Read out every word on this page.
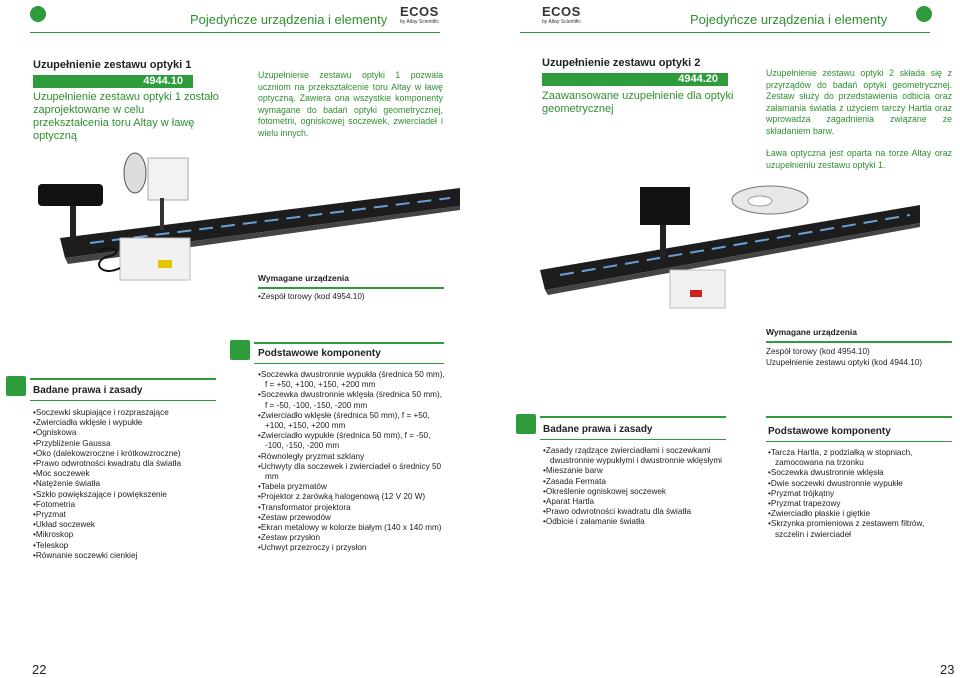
Pojedyńcze urządzenia i elementy
ECOS
by Altay Scientific
ECOS
by Altay Scientific	Pojedyńcze urządzenia i elementy
Uzupełnienie zestawu optyki 1
4944.10
Uzupełnienie zestawu optyki 1 zostało zaprojektowane w celu przekształcenia toru Altay w ławę optyczną
Uzupełnienie zestawu optyki 1 pozwala uczniom na przekształcenie toru Altay w ławę optyczną. Zawiera ona wszystkie komponenty wymagane do badań optyki geometrycznej, fotometrii, ogniskowej soczewek, zwierciadeł i wielu innych.
Uzupełnienie zestawu optyki 2
4944.20
Zaawansowane uzupełnienie dla optyki geometrycznej
Uzupełnienie zestawu optyki 2 składa się z przyrządów do badań optyki geometrycznej. Zestaw służy do przedstawienia odbicia oraz załamania światła z użyciem tarczy Hartla oraz wprowadza zagadnienia związane ze składaniem barw.
Ława optyczna jest oparta na torze Altay oraz uzupełnieniu zestawu optyki 1.
Wymagane urządzenia
• Zespół torowy (kod 4954.10)
Wymagane urządzenia
Zespół torowy (kod 4954.10)
Uzupełnienie zestawu optyki (kod 4944.10)
Badane prawa i zasady
• Soczewki skupiające i rozpraszające
• Zwierciadła wklęsłe i wypukłe
• Ogniskowa
• Przybliżenie Gaussa
• Oko (dalekowzroczne i krótkowzroczne)
• Prawo odwrotności kwadratu dla światła
• Moc soczewek
• Natężenie światła
• Szkło powiększające i powiększenie
• Fotometria
• Pryzmat
• Układ soczewek
• Mikroskop
• Teleskop
• Równanie soczewki cienkiej
Podstawowe komponenty
• Soczewka dwustronnie wypukła (średnica 50 mm), f = +50, +100, +150, +200 mm
• Soczewka dwustronnie wklęsła (średnica 50 mm), f = -50, -100, -150, -200 mm
• Zwierciadło wklęsłe (średnica 50 mm), f = +50, +100, +150, +200 mm
• Zwierciadło wypukłe (średnica 50 mm), f = -50, -100, -150, -200 mm
• Równoległy pryzmat szklany
• Uchwyty dla soczewek i zwierciadeł o średnicy 50 mm
• Tabela pryzmatów
• Projektor z żarówką halogenową (12 V 20 W)
• Transformator projektora
• Zestaw przewodów
• Ekran metalowy w kolorze białym (140 x 140 mm)
• Zestaw przysłon
• Uchwyt przezroczy i przysłon
Badane prawa i zasady
• Zasady rządzące zwierciadłami i soczewkami dwustronnie wypukłymi i dwustronnie wklęsłymi
• Mieszanie barw
• Zasada Fermata
• Określenie ogniskowej soczewek
• Aparat Hartla
• Prawo odwrotności kwadratu dla światła
• Odbicie i załamanie światła
Podstawowe komponenty
• Tarcza Hartla, z podziałką w stopniach, zamocowana na trzonku
• Soczewka dwustronnie wklęsła
• Dwie soczewki dwustronnie wypukłe
• Pryzmat trójkątny
• Pryzmat trapezowy
• Zwierciadło płaskie i giętkie
• Skrzynka promieniowa z zestawem filtrów, szczelin i zwierciadeł
22	23
